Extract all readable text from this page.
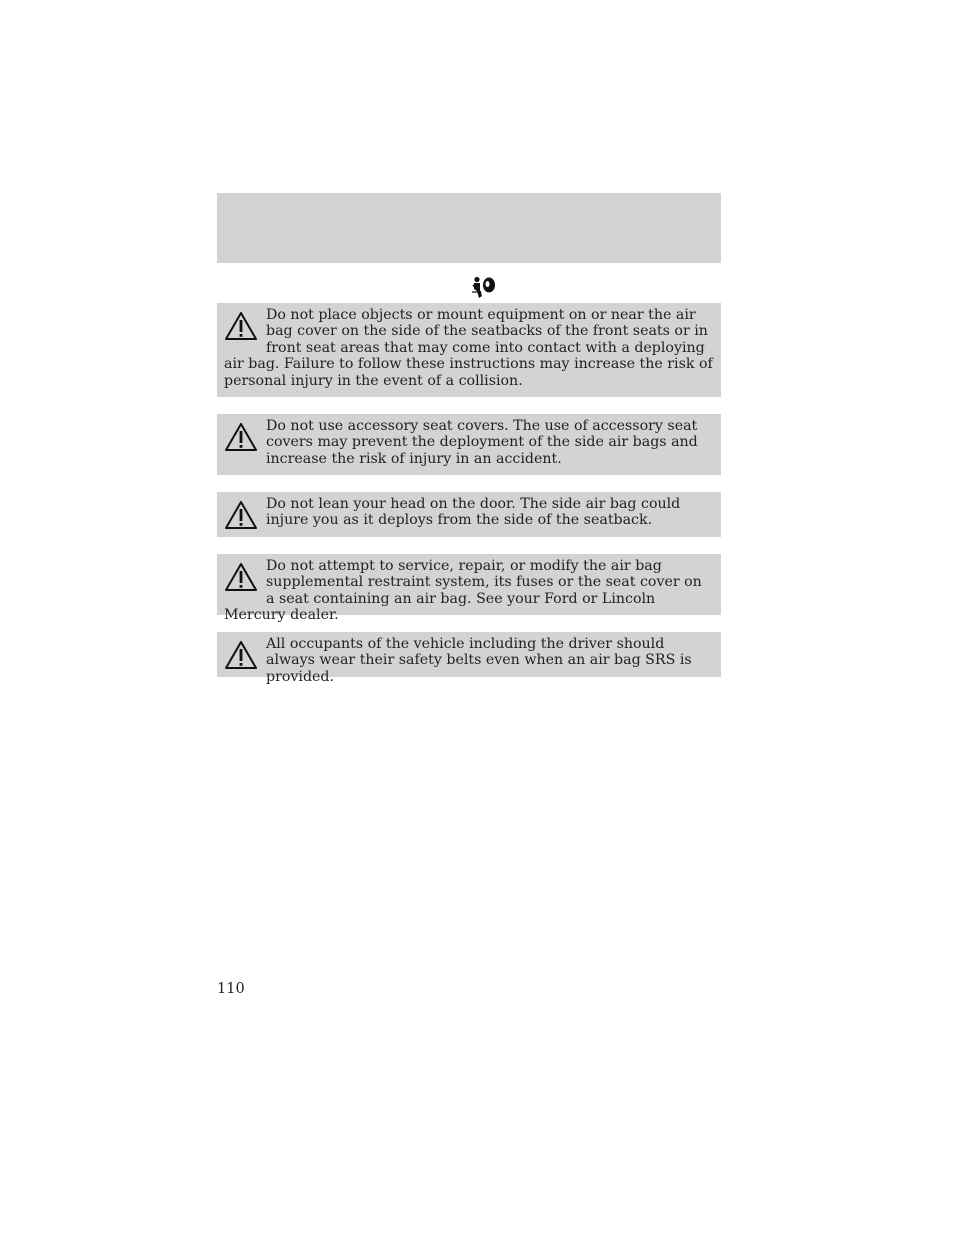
Do not place objects or mount equipment on or near the air bag cover on the side of the seatbacks of the front seats or in front seat areas that may come into contact with a deploying air bag. Failure to follow these instructions may increase the risk of personal injury in the event of a collision.
Do not use accessory seat covers. The use of accessory seat covers may prevent the deployment of the side air bags and increase the risk of injury in an accident.
Do not lean your head on the door. The side air bag could injure you as it deploys from the side of the seatback.
Do not attempt to service, repair, or modify the air bag supplemental restraint system, its fuses or the seat cover on a seat containing an air bag. See your Ford or Lincoln Mercury dealer.
All occupants of the vehicle including the driver should always wear their safety belts even when an air bag SRS is provided.
110
